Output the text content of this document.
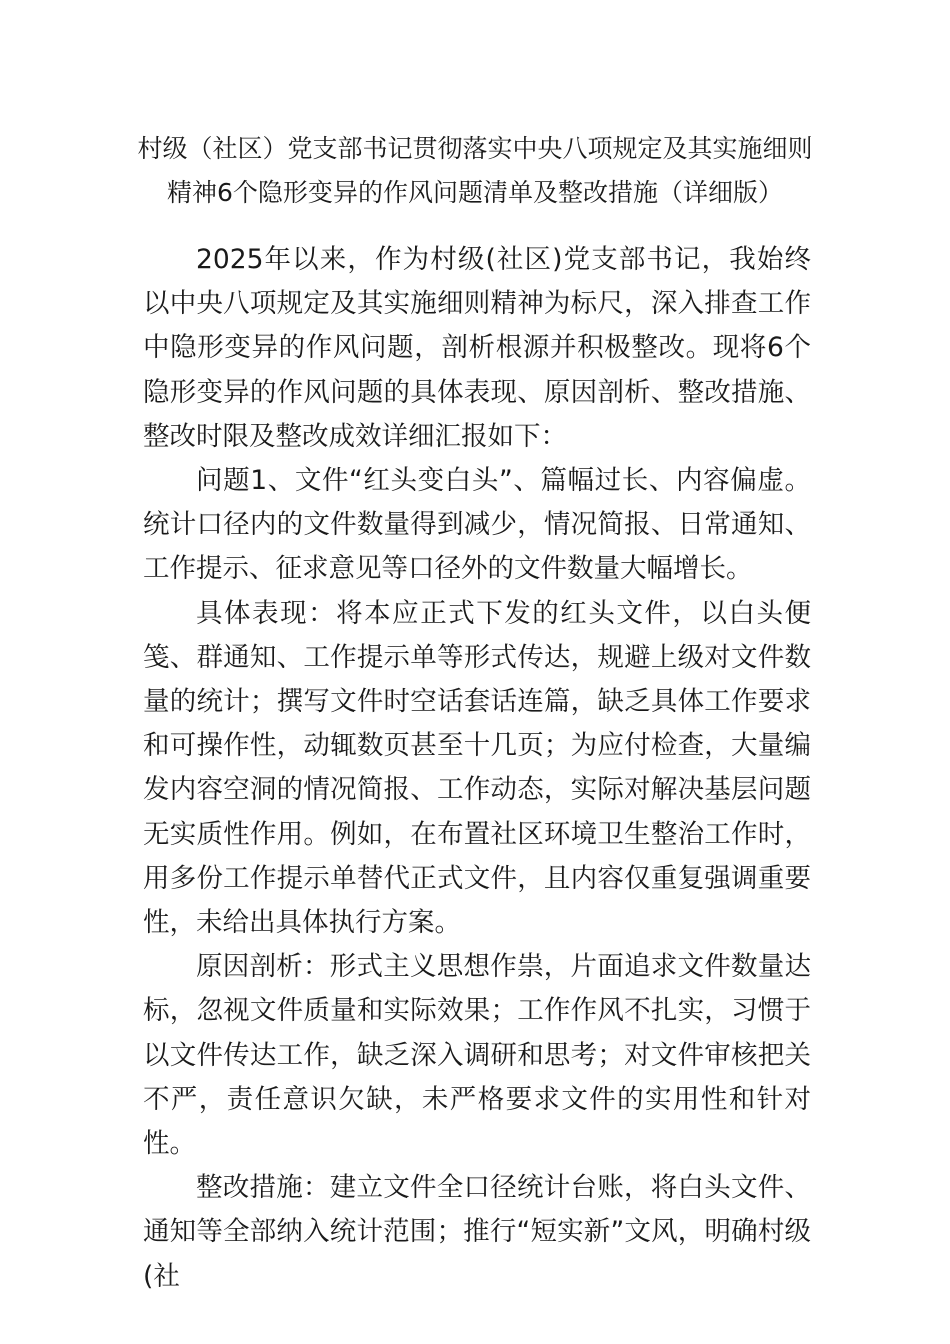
村级（社区）党支部书记贯彻落实中央八项规定及其实施细则
精神6个隐形变异的作风问题清单及整改措施（详细版）

2025年以来，作为村级(社区)党支部书记，我始终以中央八项规定及其实施细则精神为标尺，深入排查工作中隐形变异的作风问题，剖析根源并积极整改。现将6个隐形变异的作风问题的具体表现、原因剖析、整改措施、整改时限及整改成效详细汇报如下：

问题1、文件“红头变白头”、篇幅过长、内容偏虚。统计口径内的文件数量得到减少，情况简报、日常通知、工作提示、征求意见等口径外的文件数量大幅增长。

具体表现：将本应正式下发的红头文件，以白头便笺、群通知、工作提示单等形式传达，规避上级对文件数量的统计；撰写文件时空话套话连篇，缺乏具体工作要求和可操作性，动辄数页甚至十几页；为应付检查，大量编发内容空洞的情况简报、工作动态，实际对解决基层问题无实质性作用。例如，在布置社区环境卫生整治工作时，用多份工作提示单替代正式文件，且内容仅重复强调重要性，未给出具体执行方案。

原因剖析：形式主义思想作祟，片面追求文件数量达标，忽视文件质量和实际效果；工作作风不扎实，习惯于以文件传达工作，缺乏深入调研和思考；对文件审核把关不严，责任意识欠缺，未严格要求文件的实用性和针对性。

整改措施：建立文件全口径统计台账，将白头文件、通知等全部纳入统计范围；推行“短实新”文风，明确村级(社
